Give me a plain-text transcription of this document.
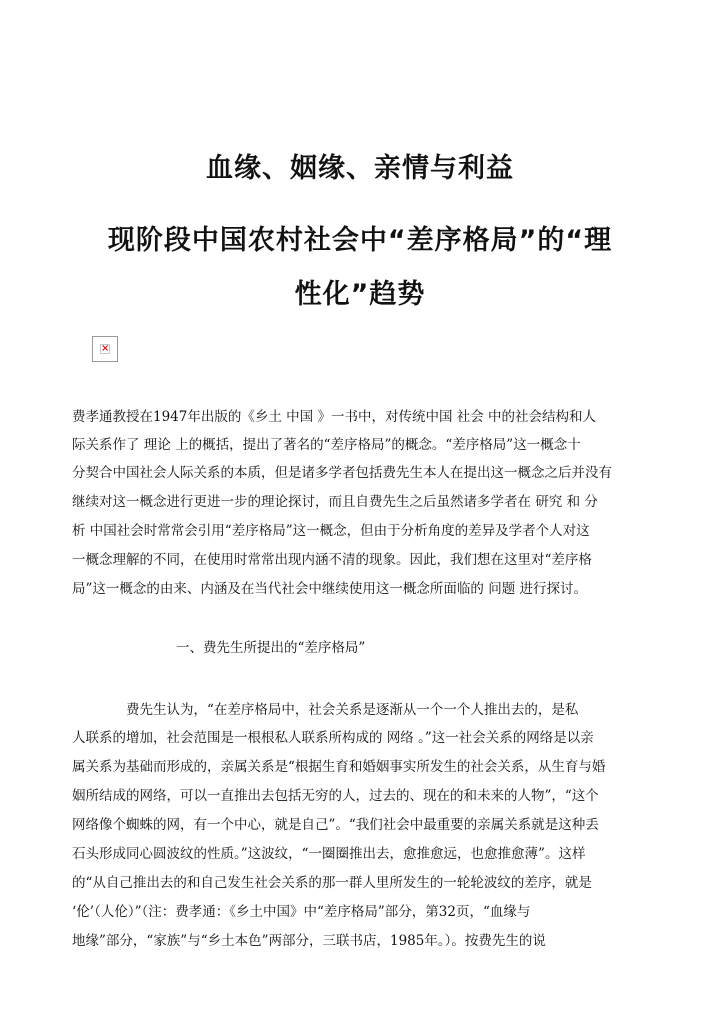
血缘、姻缘、亲情与利益
现阶段中国农村社会中“差序格局”的“理
性化”趋势
×

费孝通教授在1947年出版的《乡土 中国 》一书中，对传统中国 社会 中的社会结构和人

际关系作了 理论 上的概括，提出了著名的“差序格局”的概念。“差序格局”这一概念十

分契合中国社会人际关系的本质，但是诸多学者包括费先生本人在提出这一概念之后并没有

继续对这一概念进行更进一步的理论探讨，而且自费先生之后虽然诸多学者在 研究 和 分

析 中国社会时常常会引用“差序格局”这一概念，但由于分析角度的差异及学者个人对这

一概念理解的不同，在使用时常常出现内涵不清的现象。因此，我们想在这里对“差序格

局”这一概念的由来、内涵及在当代社会中继续使用这一概念所面临的 问题 进行探讨。

一、费先生所提出的“差序格局”

　　　　费先生认为，“在差序格局中，社会关系是逐渐从一个一个人推出去的，是私

人联系的增加，社会范围是一根根私人联系所构成的 网络 。”这一社会关系的网络是以亲

属关系为基础而形成的，亲属关系是“根据生育和婚姻事实所发生的社会关系，从生育与婚

姻所结成的网络，可以一直推出去包括无穷的人，过去的、现在的和未来的人物”，“这个

网络像个蜘蛛的网，有一个中心，就是自己”。“我们社会中最重要的亲属关系就是这种丢

石头形成同心圆波纹的性质。”这波纹，“一圈圈推出去，愈推愈远，也愈推愈薄”。这样

的“从自己推出去的和自己发生社会关系的那一群人里所发生的一轮轮波纹的差序，就是

‘伦’（人伦）”（注：费孝通：《乡土中国》中“差序格局”部分，第32页，“血缘与

地缘”部分，“家族”与“乡土本色”两部分，三联书店，1985年。）。按费先生的说
